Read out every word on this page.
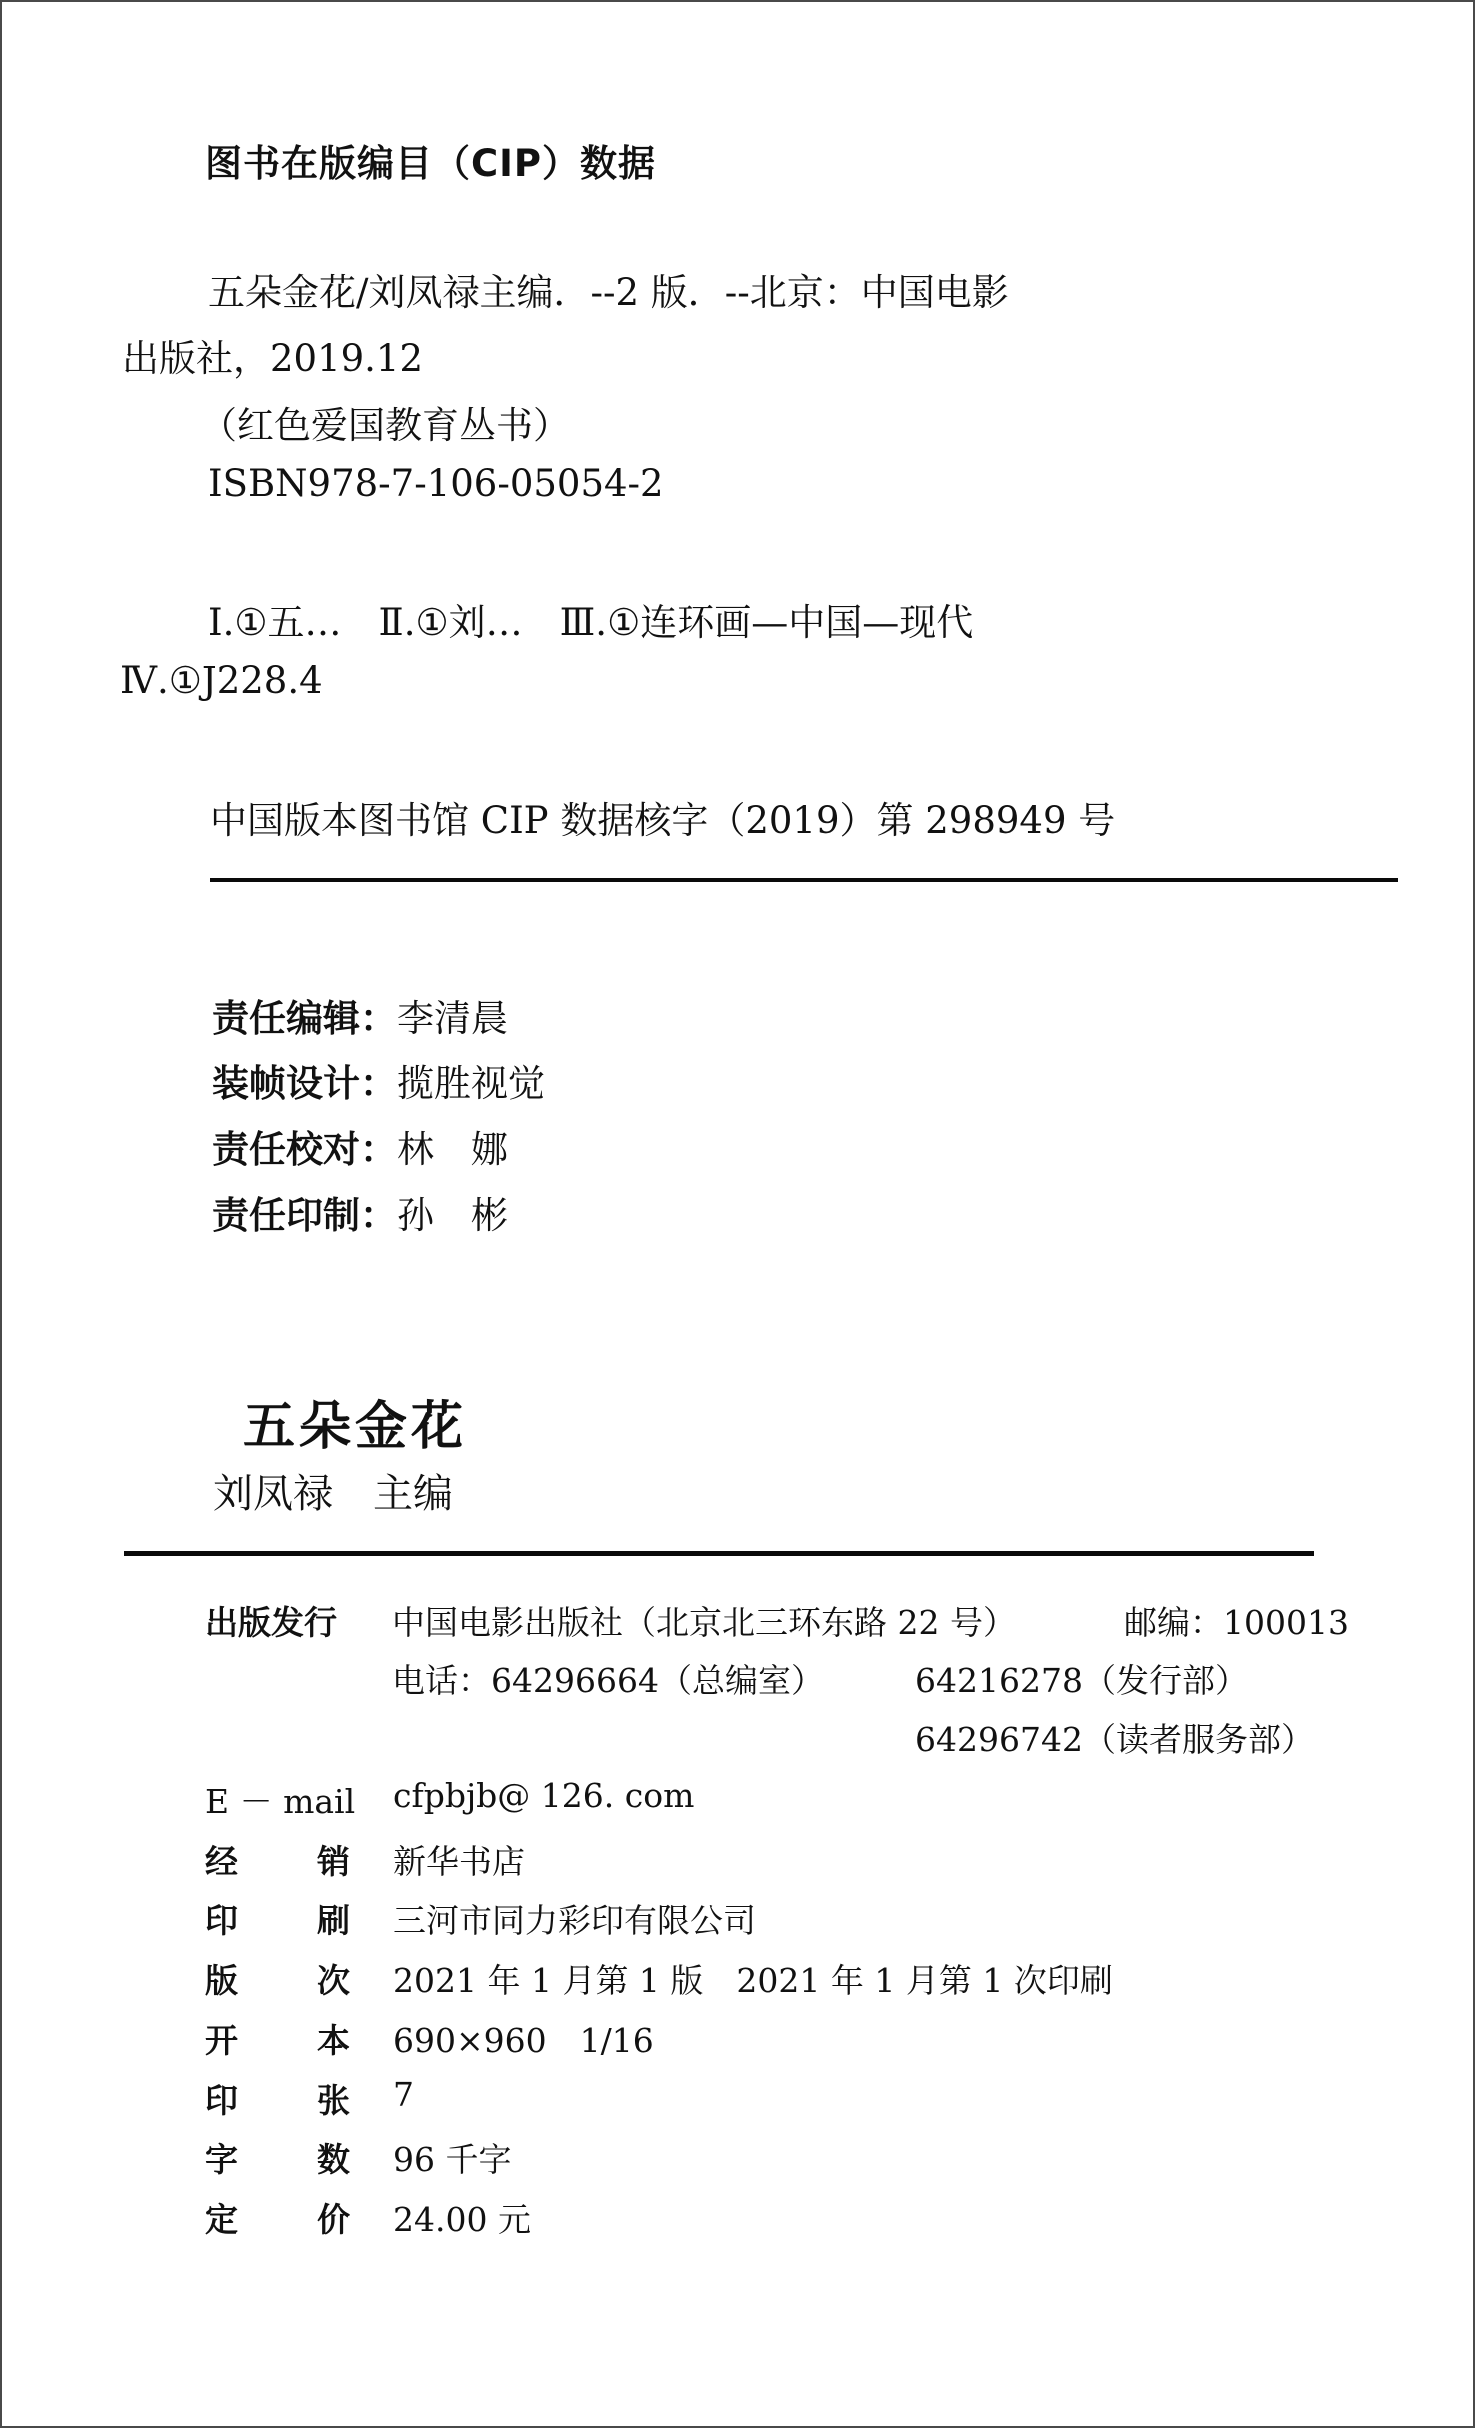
图书在版编目（CIP）数据
五朵金花/刘凤禄主编．--2 版．--北京：中国电影
出版社，2019.12
（红色爱国教育丛书）
ISBN978-7-106-05054-2
Ⅰ.①五…　Ⅱ.①刘…　Ⅲ.①连环画—中国—现代
Ⅳ.①J228.4
中国版本图书馆 CIP 数据核字（2019）第 298949 号
责任编辑：李清晨
装帧设计：揽胜视觉
责任校对：林　娜
责任印制：孙　彬
五朵金花
刘凤禄　主编
出版发行 中国电影出版社（北京北三环东路 22 号）	邮编：100013
电话：64296664（总编室）	64216278（发行部）
64296742（读者服务部）
E － mail cfpbjb@ 126. com
经 销 新华书店
印 刷 三河市同力彩印有限公司
版 次 2021 年 1 月第 1 版　2021 年 1 月第 1 次印刷
开 本 690×960　1/16
印 张 7
字 数 96 千字
定 价 24.00 元
